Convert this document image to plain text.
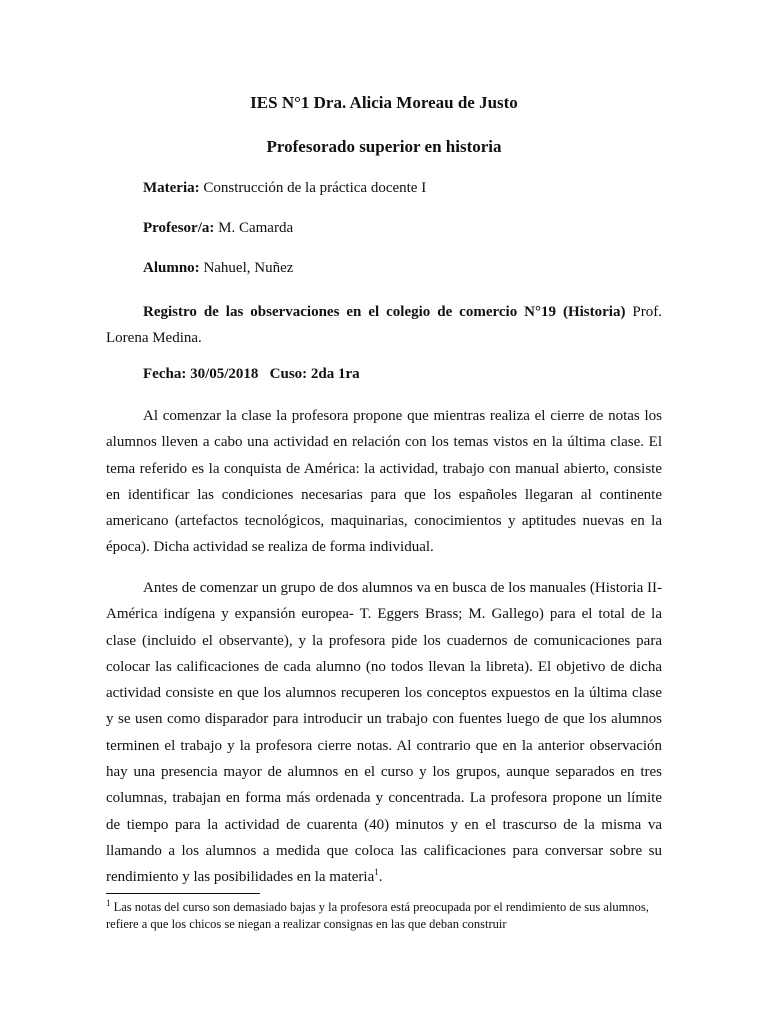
IES N°1 Dra. Alicia Moreau de Justo
Profesorado superior en historia

Materia: Construcción de la práctica docente I

Profesor/a: M. Camarda

Alumno: Nahuel, Nuñez

Registro de las observaciones en el colegio de comercio N°19 (Historia) Prof. Lorena Medina.

Fecha: 30/05/2018   Cuso: 2da 1ra

Al comenzar la clase la profesora propone que mientras realiza el cierre de notas los alumnos lleven a cabo una actividad en relación con los temas vistos en la última clase. El tema referido es la conquista de América: la actividad, trabajo con manual abierto, consiste en identificar las condiciones necesarias para que los españoles llegaran al continente americano (artefactos tecnológicos, maquinarias, conocimientos y aptitudes nuevas en la época). Dicha actividad se realiza de forma individual.

Antes de comenzar un grupo de dos alumnos va en busca de los manuales (Historia II-América indígena y expansión europea- T. Eggers Brass; M. Gallego) para el total de la clase (incluido el observante), y la profesora pide los cuadernos de comunicaciones para colocar las calificaciones de cada alumno (no todos llevan la libreta). El objetivo de dicha actividad consiste en que los alumnos recuperen los conceptos expuestos en la última clase y se usen como disparador para introducir un trabajo con fuentes luego de que los alumnos terminen el trabajo y la profesora cierre notas. Al contrario que en la anterior observación hay una presencia mayor de alumnos en el curso y los grupos, aunque separados en tres columnas, trabajan en forma más ordenada y concentrada. La profesora propone un límite de tiempo para la actividad de cuarenta (40) minutos y en el trascurso de la misma va llamando a los alumnos a medida que coloca las calificaciones para conversar sobre su rendimiento y las posibilidades en la materia$^1$.

$^1$ Las notas del curso son demasiado bajas y la profesora está preocupada por el rendimiento de sus alumnos, refiere a que los chicos se niegan a realizar consignas en las que deban construir
